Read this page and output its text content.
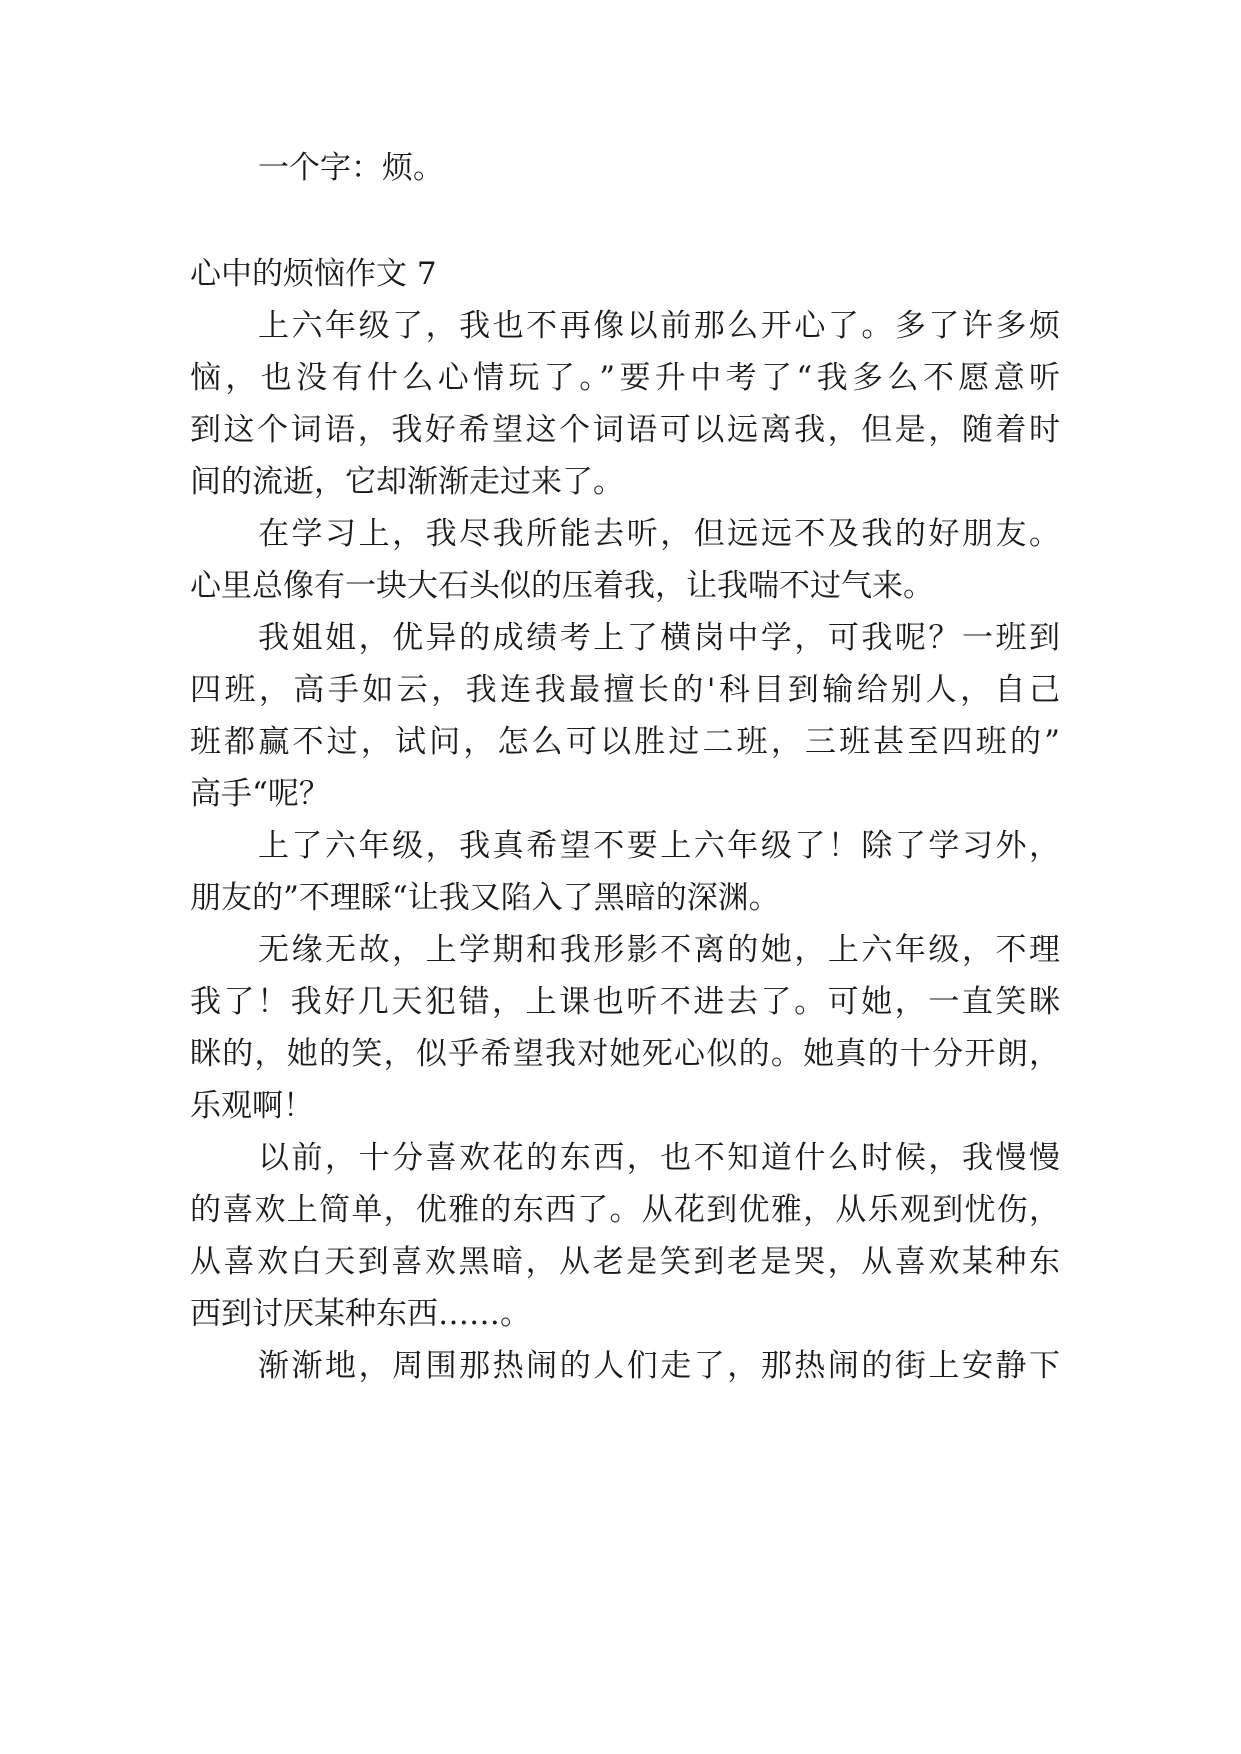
一个字：烦。
心中的烦恼作文 7
上六年级了，我也不再像以前那么开心了。多了许多烦
恼，也没有什么心情玩了。”要升中考了“我多么不愿意听
到这个词语，我好希望这个词语可以远离我，但是，随着时
间的流逝，它却渐渐走过来了。
在学习上，我尽我所能去听，但远远不及我的好朋友。
心里总像有一块大石头似的压着我，让我喘不过气来。
我姐姐，优异的成绩考上了横岗中学，可我呢？一班到
四班，高手如云，我连我最擅长的'科目到输给别人，自己
班都赢不过，试问，怎么可以胜过二班，三班甚至四班的”
高手“呢？
上了六年级，我真希望不要上六年级了！除了学习外，
朋友的”不理睬“让我又陷入了黑暗的深渊。
无缘无故，上学期和我形影不离的她，上六年级，不理
我了！我好几天犯错，上课也听不进去了。可她，一直笑眯
眯的，她的笑，似乎希望我对她死心似的。她真的十分开朗，
乐观啊！
以前，十分喜欢花的东西，也不知道什么时候，我慢慢
的喜欢上简单，优雅的东西了。从花到优雅，从乐观到忧伤，
从喜欢白天到喜欢黑暗，从老是笑到老是哭，从喜欢某种东
西到讨厌某种东西……。
渐渐地，周围那热闹的人们走了，那热闹的街上安静下
